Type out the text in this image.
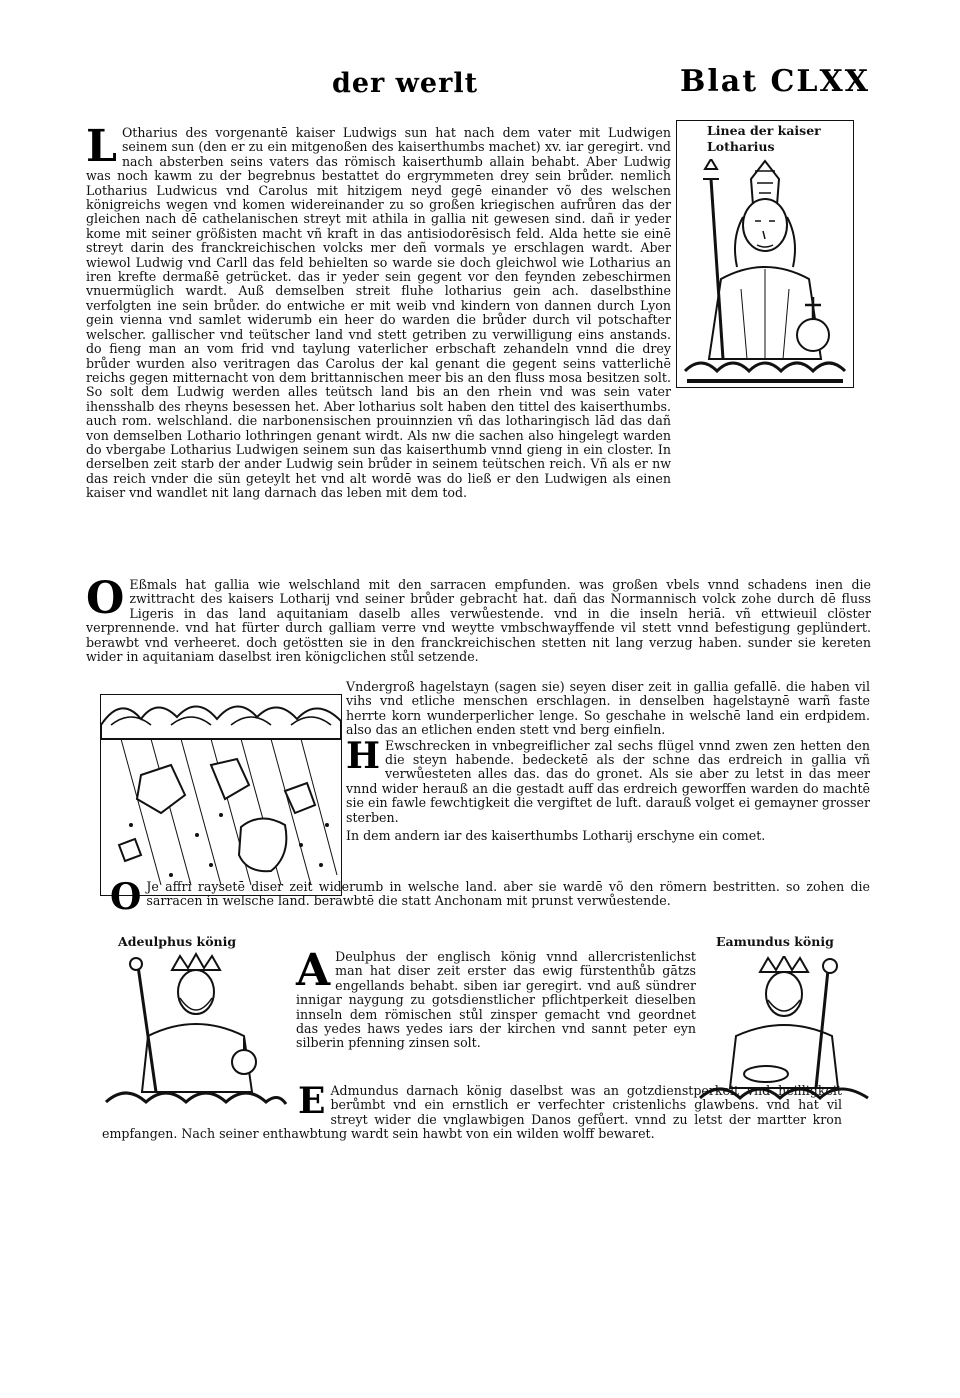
der werlt	Blat CLXX
L Otharius des vorgenantē kaiser Ludwigs sun hat nach dem vater mit Ludwigen seinem sun (den er zu ein mitgenoßen des kaiserthumbs machet) xv. iar geregirt. vnd nach absterben seins vaters das römisch kaiserthumb allain behabt. Aber Ludwig was noch kawm zu der begrebnus bestattet do ergrymmeten drey sein brůder. nemlich Lotharius Ludwicus vnd Carolus mit hitzigem neyd gegē einander võ des welschen königreichs wegen vnd komen widereinander zu so großen kriegischen aufrůren das der gleichen nach dē cathelanischen streyt mit athila in gallia nit gewesen sind. dañ ir yeder kome mit seiner größisten macht vñ kraft in das antisiodorēsisch feld. Alda hette sie einē streyt darin des franckreichischen volcks mer deñ vormals ye erschlagen wardt. Aber wiewol Ludwig vnd Carll das feld behielten so warde sie doch gleichwol wie Lotharius an iren krefte dermaßē getrücket. das ir yeder sein gegent vor den feynden zebeschirmen vnuermüglich wardt. Auß demselben streit fluhe lotharius gein ach. daselbsthine verfolgten ine sein brůder. do entwiche er mit weib vnd kindern von dannen durch Lyon gein vienna vnd samlet widerumb ein heer do warden die brůder durch vil potschafter welscher. gallischer vnd teütscher land vnd stett getriben zu verwilligung eins anstands. do fieng man an vom frid vnd taylung vaterlicher erbschaft zehandeln vnnd die drey brůder wurden also veritragen das Carolus der kal genant die gegent seins vatterlichē reichs gegen mitternacht von dem brittannischen meer bis an den fluss mosa besitzen solt. So solt dem Ludwig werden alles teütsch land bis an den rhein vnd was sein vater ihensshalb des rheyns besessen het. Aber lotharius solt haben den tittel des kaiserthumbs. auch rom. welschland. die narbonensischen prouinnzien vñ das lotharingisch lād das dañ von demselben Lothario lothringen genant wirdt. Als nw die sachen also hingelegt warden do vbergabe Lotharius Ludwigen seinem sun das kaiserthumb vnnd gieng in ein closter. In derselben zeit starb der ander Ludwig sein brůder in seinem teütschen reich. Vñ als er nw das reich vnder die sün geteylt het vnd alt wordē was do ließ er den Ludwigen als einen kaiser vnd wandlet nit lang darnach das leben mit dem tod.

Linea der kaiser
Lotharius
O Eßmals hat gallia wie welschland mit den sarracen empfunden. was großen vbels vnnd schadens inen die zwittracht des kaisers Lotharij vnd seiner brůder gebracht hat. dañ das Normannisch volck zohe durch dē fluss Ligeris in das land aquitaniam daselb alles verwůestende. vnd in die inseln heriā. vñ ettwieuil clöster verprennende. vnd hat fürter durch galliam verre vnd weytte vmbschwayffende vil stett vnnd befestigung geplündert. berawbt vnd verheeret. doch getöstten sie in den franckreichischen stetten nit lang verzug haben. sunder sie kereten wider in aquitaniam daselbst iren königclichen stůl setzende.

Vndergroß hagelstayn (sagen sie) seyen diser zeit in gallia gefallē. die haben vil vihs vnd etliche menschen erschlagen. in denselben hagelstaynē warñ faste herrte korn wunderperlicher lenge. So geschahe in welschē land ein erdpidem. also das an etlichen enden stett vnd berg einfieln.

H Ewschrecken in vnbegreiflicher zal sechs flügel vnnd zwen zen hetten den die steyn habende. bedecketē als der schne das erdreich in gallia vñ verwůesteten alles das. das do gronet. Als sie aber zu letst in das meer vnnd wider herauß an die gestadt auff das erdreich geworffen warden do machtē sie ein fawle fewchtigkeit die vergiftet de luft. darauß volget ei gemayner grosser sterben.

In dem andern iar des kaiserthumbs Lotharij erschyne ein comet.

O Je affri raysetē diser zeit widerumb in welsche land. aber sie wardē võ den römern bestritten. so zohen die sarracen in welsche land. berawbtē die statt Anchonam mit prunst verwůestende.

Adeulphus könig	Eamundus könig
A Deulphus der englisch könig vnnd allercristenlichst man hat diser zeit erster das ewig fürstenthůb gātzs engellands behabt. siben iar geregirt. vnd auß sündrer innigar naygung zu gotsdienstlicher pflichtperkeit dieselben innseln dem römischen stůl zinsper gemacht vnd geordnet das yedes haws yedes iars der kirchen vnd sannt peter eyn silberin pfenning zinsen solt.

E Admundus darnach könig daselbst was an gotzdienstperkeit vnd heilligkeit berůmbt vnd ein ernstlich er verfechter cristenlichs glawbens. vnd hat vil streyt wider die vnglawbigen Danos gefůert. vnnd zu letst der martter kron empfangen. Nach seiner enthawbtung wardt sein hawbt von ein wilden wolff bewaret.
